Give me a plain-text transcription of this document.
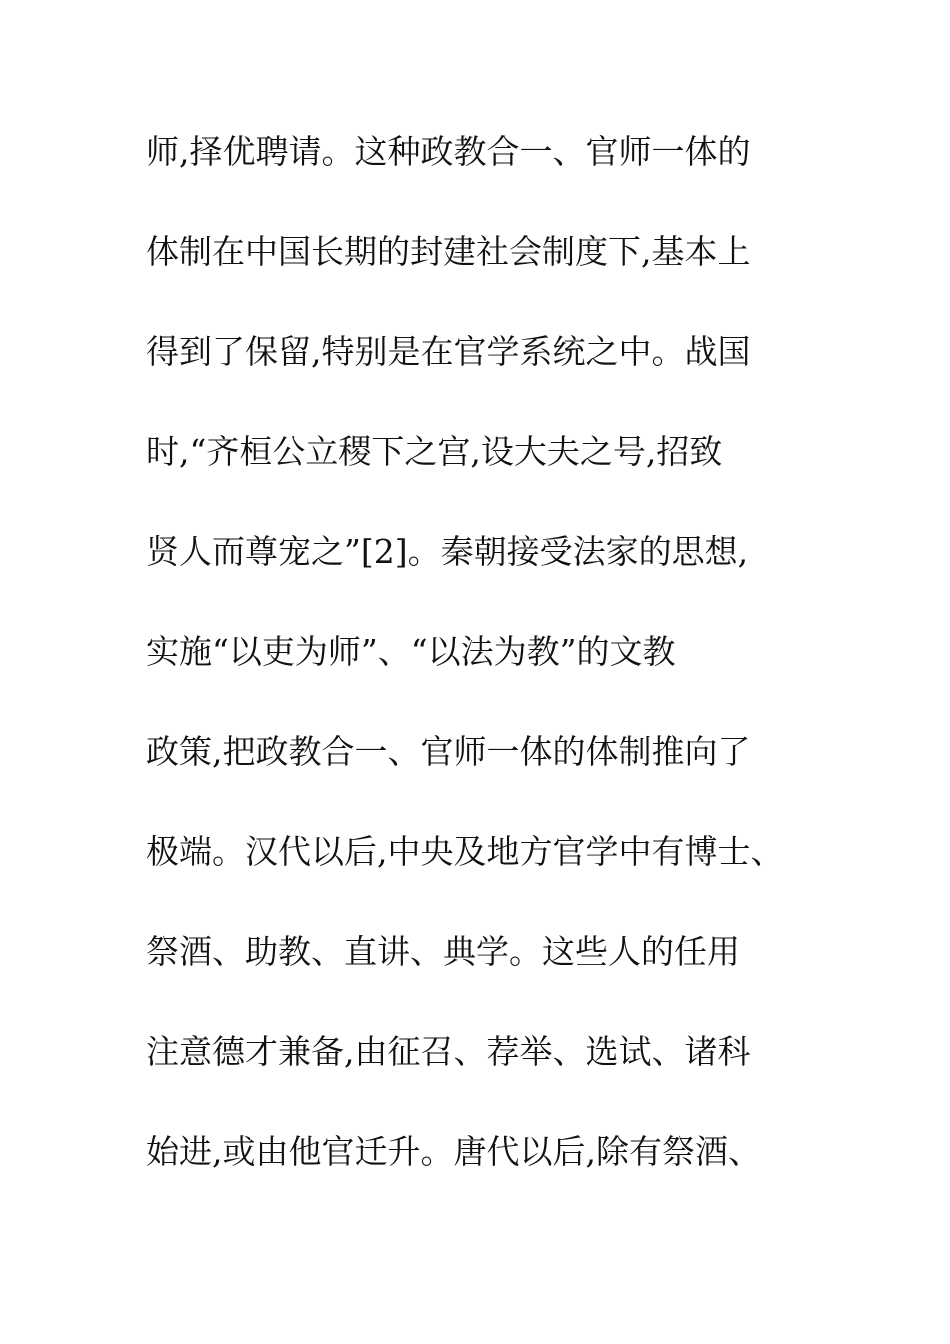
师,择优聘请。这种政教合一、官师一体的
体制在中国长期的封建社会制度下,基本上
得到了保留,特别是在官学系统之中。战国
时,“齐桓公立稷下之宫,设大夫之号,招致
贤人而尊宠之”[2]。秦朝接受法家的思想,
实施“以吏为师”、“以法为教”的文教
政策,把政教合一、官师一体的体制推向了
极端。汉代以后,中央及地方官学中有博士、
祭酒、助教、直讲、典学。这些人的任用
注意德才兼备,由征召、荐举、选试、诸科
始进,或由他官迁升。唐代以后,除有祭酒、
